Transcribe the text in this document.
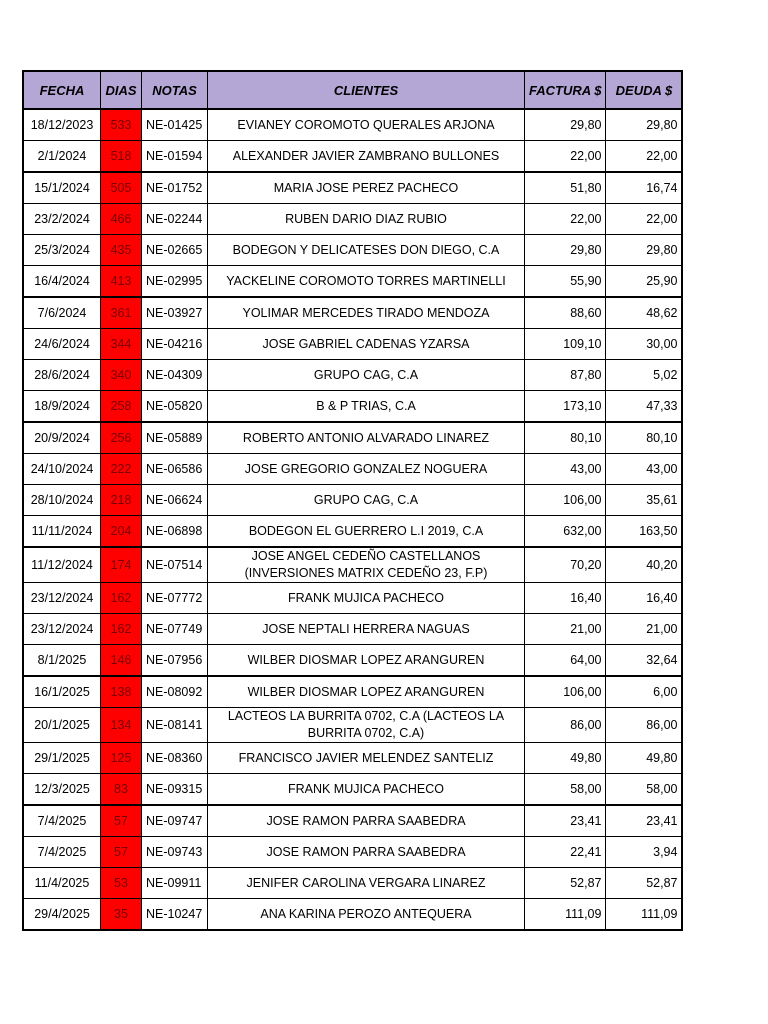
FECHA	DIAS	NOTAS	CLIENTES	FACTURA $	DEUDA $
18/12/2023	533	NE-01425	EVIANEY COROMOTO QUERALES ARJONA	29,80	29,80
2/1/2024	518	NE-01594	ALEXANDER JAVIER ZAMBRANO BULLONES	22,00	22,00
15/1/2024	505	NE-01752	MARIA JOSE PEREZ PACHECO	51,80	16,74
23/2/2024	466	NE-02244	RUBEN DARIO DIAZ RUBIO	22,00	22,00
25/3/2024	435	NE-02665	BODEGON Y DELICATESES DON DIEGO, C.A	29,80	29,80
16/4/2024	413	NE-02995	YACKELINE COROMOTO TORRES MARTINELLI	55,90	25,90
7/6/2024	361	NE-03927	YOLIMAR MERCEDES TIRADO MENDOZA	88,60	48,62
24/6/2024	344	NE-04216	JOSE GABRIEL CADENAS YZARSA	109,10	30,00
28/6/2024	340	NE-04309	GRUPO CAG, C.A	87,80	5,02
18/9/2024	258	NE-05820	B & P TRIAS, C.A	173,10	47,33
20/9/2024	256	NE-05889	ROBERTO ANTONIO ALVARADO LINAREZ	80,10	80,10
24/10/2024	222	NE-06586	JOSE GREGORIO GONZALEZ NOGUERA	43,00	43,00
28/10/2024	218	NE-06624	GRUPO CAG, C.A	106,00	35,61
11/11/2024	204	NE-06898	BODEGON EL GUERRERO L.I 2019, C.A	632,00	163,50
11/12/2024	174	NE-07514	JOSE ANGEL CEDEÑO CASTELLANOS (INVERSIONES MATRIX CEDEÑO 23, F.P)	70,20	40,20
23/12/2024	162	NE-07772	FRANK MUJICA PACHECO	16,40	16,40
23/12/2024	162	NE-07749	JOSE NEPTALI HERRERA NAGUAS	21,00	21,00
8/1/2025	146	NE-07956	WILBER DIOSMAR LOPEZ ARANGUREN	64,00	32,64
16/1/2025	138	NE-08092	WILBER DIOSMAR LOPEZ ARANGUREN	106,00	6,00
20/1/2025	134	NE-08141	LACTEOS LA BURRITA 0702, C.A (LACTEOS LA BURRITA 0702, C.A)	86,00	86,00
29/1/2025	125	NE-08360	FRANCISCO JAVIER MELENDEZ SANTELIZ	49,80	49,80
12/3/2025	83	NE-09315	FRANK MUJICA PACHECO	58,00	58,00
7/4/2025	57	NE-09747	JOSE RAMON PARRA SAABEDRA	23,41	23,41
7/4/2025	57	NE-09743	JOSE RAMON PARRA SAABEDRA	22,41	3,94
11/4/2025	53	NE-09911	JENIFER CAROLINA VERGARA LINAREZ	52,87	52,87
29/4/2025	35	NE-10247	ANA KARINA PEROZO ANTEQUERA	111,09	111,09
